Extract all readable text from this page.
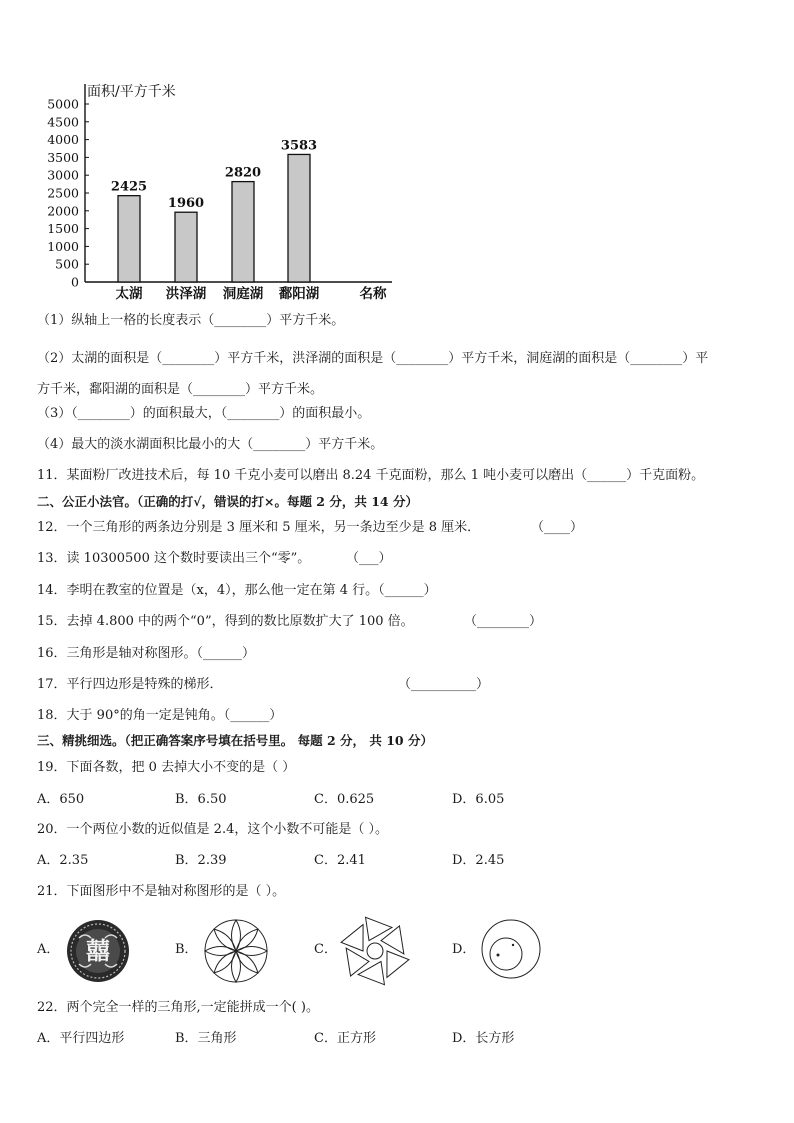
面积/平方千米
0
500
1000
1500
2000
2500
3000
3500
4000
4500
5000
2425
太湖
1960
洪泽湖
2820
洞庭湖
3583
鄱阳湖	名称
（1）纵轴上一格的长度表示（________）平方千米。
（2）太湖的面积是（________）平方千米，洪泽湖的面积是（________）平方千米，洞庭湖的面积是（________）平
方千米，鄱阳湖的面积是（________）平方千米。
（3）（________）的面积最大，（________）的面积最小。
（4）最大的淡水湖面积比最小的大（________）平方千米。
11．某面粉厂改进技术后，每 10 千克小麦可以磨出 8.24 千克面粉，那么 1 吨小麦可以磨出（______）千克面粉。
二、公正小法官。（正确的打√，错误的打×。每题 2 分，共 14 分）
12．一个三角形的两条边分别是 3 厘米和 5 厘米，另一条边至少是 8 厘米．	（____）
13．读 10300500 这个数时要读出三个“零”。	（___）
14．李明在教室的位置是（x，4），那么他一定在第 4 行。（______）
15．去掉 4.800 中的两个“0”，得到的数比原数扩大了 100 倍。	（________）
16．三角形是轴对称图形。（______）
17．平行四边形是特殊的梯形．	（__________）
18．大于 90°的角一定是钝角。（______）
三、精挑细选。（把正确答案序号填在括号里。 每题 2 分， 共 10 分）
19．下面各数，把 0 去掉大小不变的是（ ）
A．650	B．6.50	C．0.625	D．6.05
20．一个两位小数的近似值是 2.4，这个小数不可能是（ ）。
A．2.35	B．2.39	C．2.41	D．2.45
21．下面图形中不是轴对称图形的是（ ）。
A． 囍	B．	C．	D．
22．两个完全一样的三角形,一定能拼成一个( )。
A．平行四边形	B．三角形	C．正方形	D．长方形
